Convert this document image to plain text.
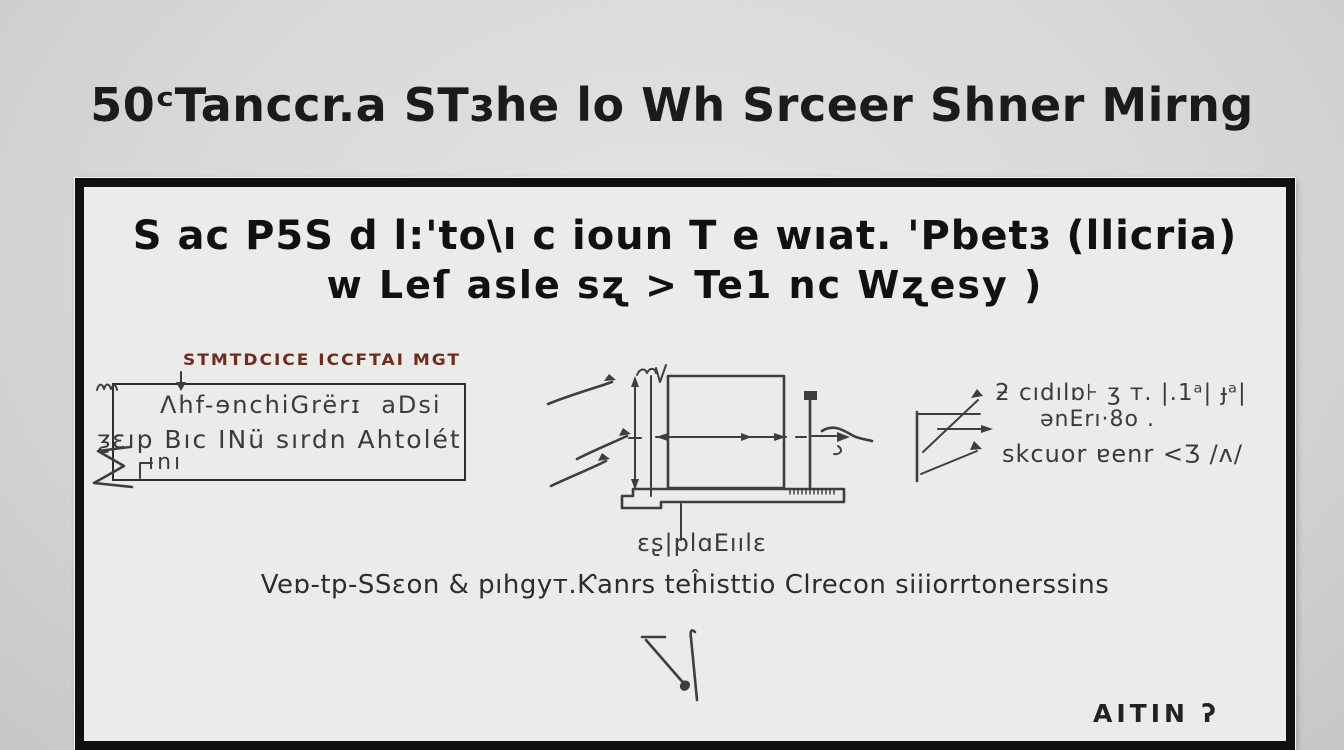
50ᶜTanccr.a STɜhe lo Wh Srceer Shner Mirng
S ac P5S d l:'to\ı c ioun T e wıat. 'Pbetɜ (llicria)
w Leſ asle sʐ > Te1 nc Wʐesy )
STMTDCICE ICCFTAI MGT
Λhf-ɘnchiGrërɪ  aDsi
ƺɛıp Bıc INü sırdn Ahtolét
ını
ɛʂ|plɑEıılɛ
ƻ cıdılɒ⊦ ʒ т. |.1ᵃ| ɟᵃ|
ǝnErı·8o .
skcuor ɐenr <Ʒ /ʌ/
Veɒ-tp-SSɛon & pıhgyт.Ƙanrs teĥisttio Clrecon siiiorrtonerssins
AITIN ʔ
